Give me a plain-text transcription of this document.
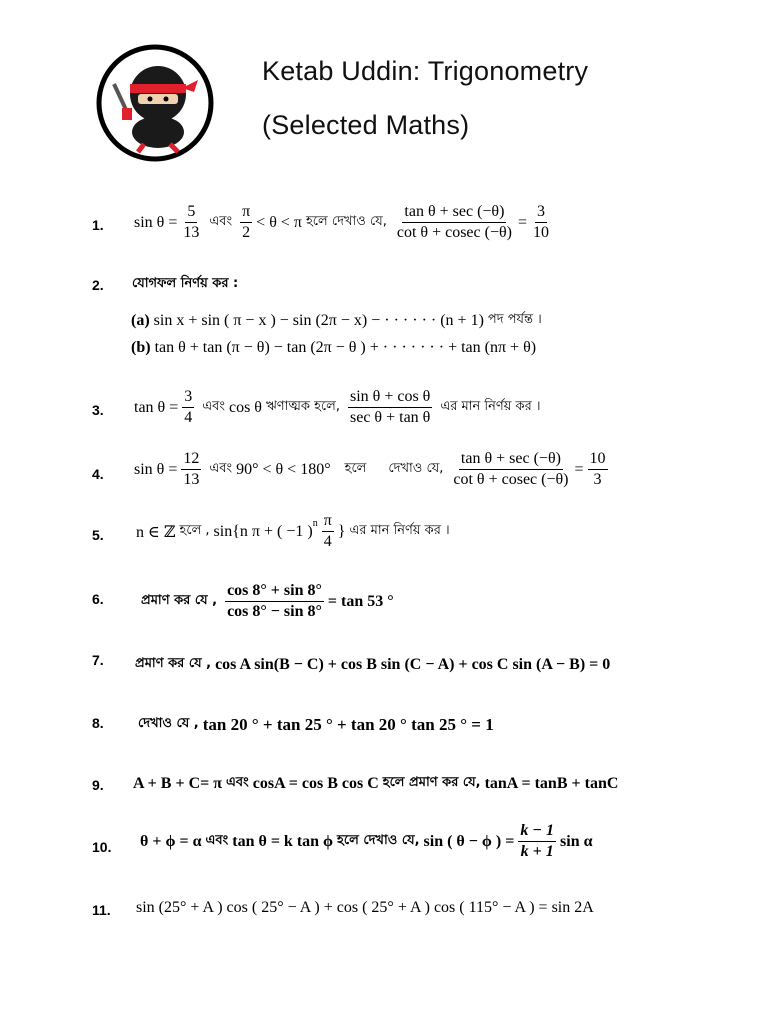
Ketab Uddin: Trigonometry
(Selected Maths)
1. $\sin \theta = \frac{5}{13}$ এবং $\frac{\pi}{2} < \theta < \pi$ হলে দেখাও যে, $\frac{\text{tan θ + sec (−θ)}}{\text{cot θ + cosec (−θ)}} = \frac{3}{10}$
2. যোগফল নির্ণয় কর :
(a)
sin x + sin ( π − x ) − sin (2π − x) − · · · · · · (n + 1) পদ পর্যন্ত ।
(b)
tan θ + tan (π − θ) − tan (2π − θ ) + · · · · · · · + tan (nπ + θ)
3. $\tan \theta = \frac{3}{4}$ এবং cos θ ঋণাত্মক হলে, $\frac{\text{sin θ + cos θ}}{\text{sec θ + tan θ}}$ এর মান নির্ণয় কর ।
4. $\sin \theta = \frac{12}{13}$ এবং 90° < θ < 180° হলে দেখাও যে, $\frac{\text{tan θ + sec (−θ)}}{\text{cot θ + cosec (−θ)}} = \frac{10}{3}$
5. n ∈ ℤ হলে , sin{n π + ( −1 )$^n \frac{\pi}{4}$ } এর মান নির্ণয় কর ।
6.	প্রমাণ কর যে , $\frac{\cos 8^\circ + \sin 8^\circ}{\cos 8^\circ - \sin 8^\circ} = \tan 53$ °
7. প্রমাণ কর যে , cos A sin(B − C) + cos B sin (C − A) + cos C sin (A − B) = 0
8.	দেখাও যে , tan 20 ° + tan 25 ° + tan 20 ° tan 25 ° = 1
9. A + B + C= π এবং cosA = cos B cos C হলে প্রমাণ কর যে, tanA = tanB + tanC
10. θ + ϕ = α এবং tan θ = k tan ϕ হলে দেখাও যে, sin ( θ − ϕ ) = $\frac{k - 1}{k + 1}$ sin α
11. sin (25° + A ) cos ( 25° − A ) + cos ( 25° + A ) cos ( 115° − A ) = sin 2A
